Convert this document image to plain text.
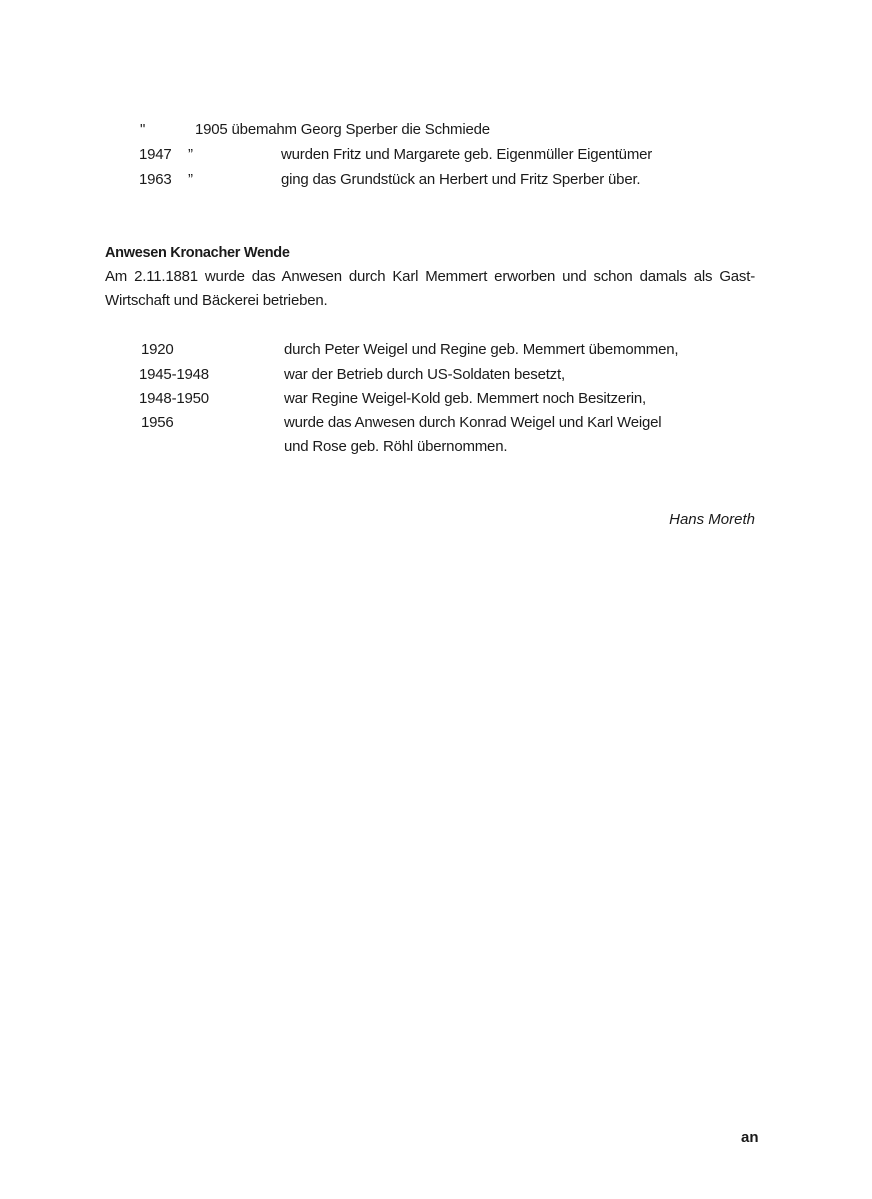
"	1905 übemahm Georg Sperber die Schmiede
1947 ”	wurden Fritz und Margarete geb. Eigenmüller Eigentümer
1963 ”	ging das Grundstück an Herbert und Fritz Sperber über.
Anwesen Kronacher Wende
Am 2.11.1881 wurde das Anwesen durch Karl Memmert erworben und schon damals als Gast-
Wirtschaft und Bäckerei betrieben.
1920	durch Peter Weigel und Regine geb. Memmert übemommen,
1945-1948	war der Betrieb durch US-Soldaten besetzt,
1948-1950	war Regine Weigel-Kold geb. Memmert noch Besitzerin,
1956	wurde das Anwesen durch Konrad Weigel und Karl Weigel
und Rose geb. Röhl übernommen.
Hans Moreth
an
